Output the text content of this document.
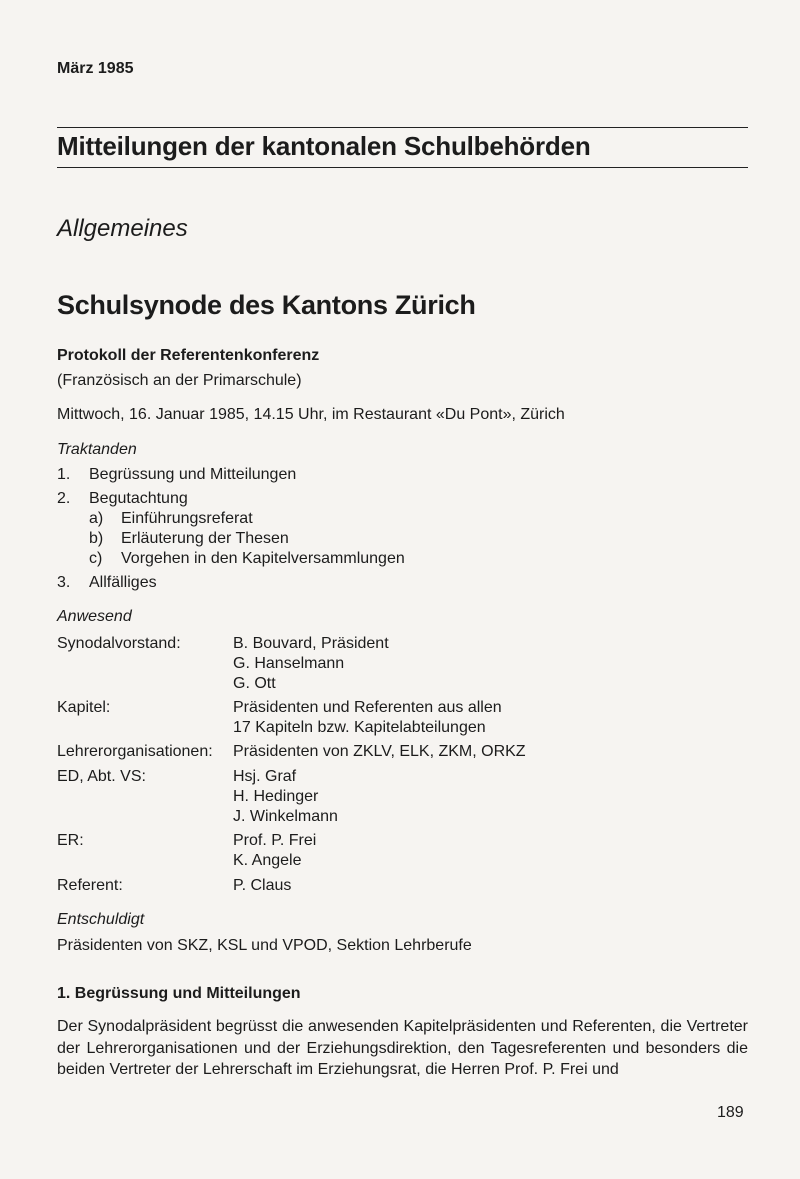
März 1985
Mitteilungen der kantonalen Schulbehörden
Allgemeines
Schulsynode des Kantons Zürich
Protokoll der Referentenkonferenz
(Französisch an der Primarschule)
Mittwoch, 16. Januar 1985, 14.15 Uhr, im Restaurant «Du Pont», Zürich
Traktanden
1. Begrüssung und Mitteilungen
2. Begutachtung
a) Einführungsreferat
b) Erläuterung der Thesen
c) Vorgehen in den Kapitelversammlungen
3. Allfälliges
Anwesend
Synodalvorstand:	B. Bouvard, Präsident
G. Hanselmann
G. Ott
Kapitel:	Präsidenten und Referenten aus allen
17 Kapiteln bzw. Kapitelabteilungen
Lehrerorganisationen: Präsidenten von ZKLV, ELK, ZKM, ORKZ
ED, Abt. VS:	Hsj. Graf
H. Hedinger
J. Winkelmann
ER:	Prof. P. Frei
K. Angele
Referent:	P. Claus
Entschuldigt
Präsidenten von SKZ, KSL und VPOD, Sektion Lehrberufe
1. Begrüssung und Mitteilungen
Der Synodalpräsident begrüsst die anwesenden Kapitelpräsidenten und Referenten, die Vertreter der Lehrerorganisationen und der Erziehungsdirektion, den Tagesreferenten und besonders die beiden Vertreter der Lehrerschaft im Erziehungsrat, die Herren Prof. P. Frei und
189
